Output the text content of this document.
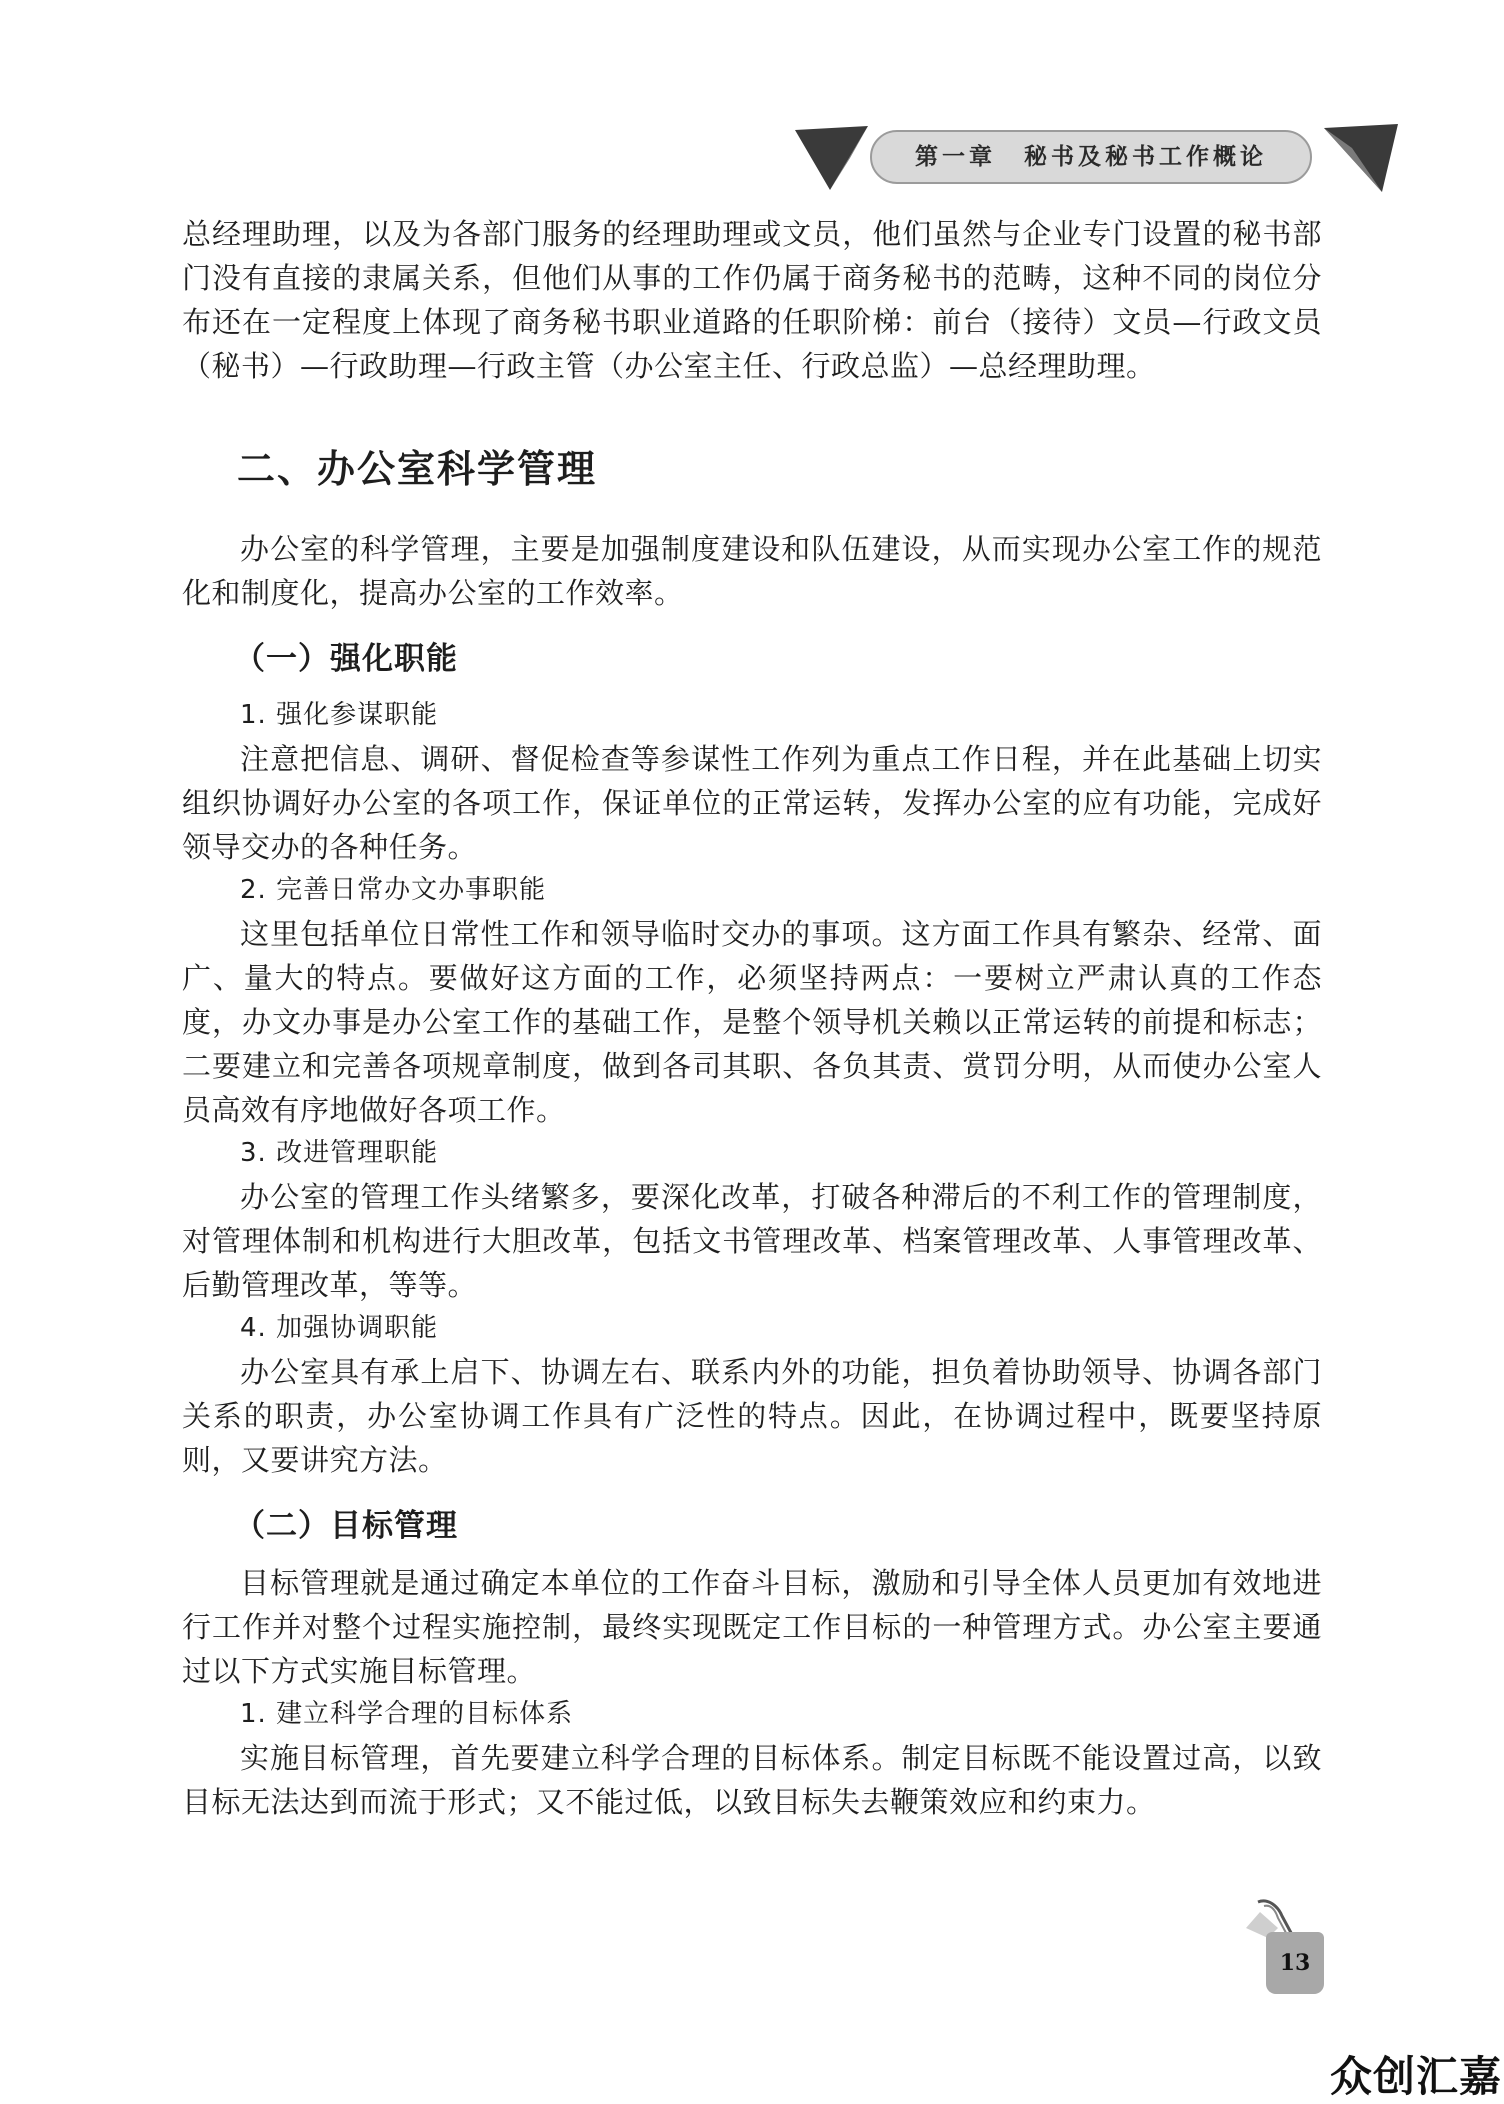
第一章 秘书及秘书工作概论

总经理助理，以及为各部门服务的经理助理或文员，他们虽然与企业专门设置的秘书部门没有直接的隶属关系，但他们从事的工作仍属于商务秘书的范畴，这种不同的岗位分布还在一定程度上体现了商务秘书职业道路的任职阶梯：前台（接待）文员—行政文员（秘书）—行政助理—行政主管（办公室主任、行政总监）—总经理助理。

二、办公室科学管理

办公室的科学管理，主要是加强制度建设和队伍建设，从而实现办公室工作的规范化和制度化，提高办公室的工作效率。

（一）强化职能
1. 强化参谋职能

注意把信息、调研、督促检查等参谋性工作列为重点工作日程，并在此基础上切实组织协调好办公室的各项工作，保证单位的正常运转，发挥办公室的应有功能，完成好领导交办的各种任务。

2. 完善日常办文办事职能

这里包括单位日常性工作和领导临时交办的事项。这方面工作具有繁杂、经常、面广、量大的特点。要做好这方面的工作，必须坚持两点：一要树立严肃认真的工作态度，办文办事是办公室工作的基础工作，是整个领导机关赖以正常运转的前提和标志；二要建立和完善各项规章制度，做到各司其职、各负其责、赏罚分明，从而使办公室人员高效有序地做好各项工作。

3. 改进管理职能

办公室的管理工作头绪繁多，要深化改革，打破各种滞后的不利工作的管理制度，对管理体制和机构进行大胆改革，包括文书管理改革、档案管理改革、人事管理改革、后勤管理改革，等等。

4. 加强协调职能

办公室具有承上启下、协调左右、联系内外的功能，担负着协助领导、协调各部门关系的职责，办公室协调工作具有广泛性的特点。因此，在协调过程中，既要坚持原则，又要讲究方法。

（二）目标管理

目标管理就是通过确定本单位的工作奋斗目标，激励和引导全体人员更加有效地进行工作并对整个过程实施控制，最终实现既定工作目标的一种管理方式。办公室主要通过以下方式实施目标管理。

1. 建立科学合理的目标体系

实施目标管理，首先要建立科学合理的目标体系。制定目标既不能设置过高，以致目标无法达到而流于形式；又不能过低，以致目标失去鞭策效应和约束力。

13
众创汇嘉
